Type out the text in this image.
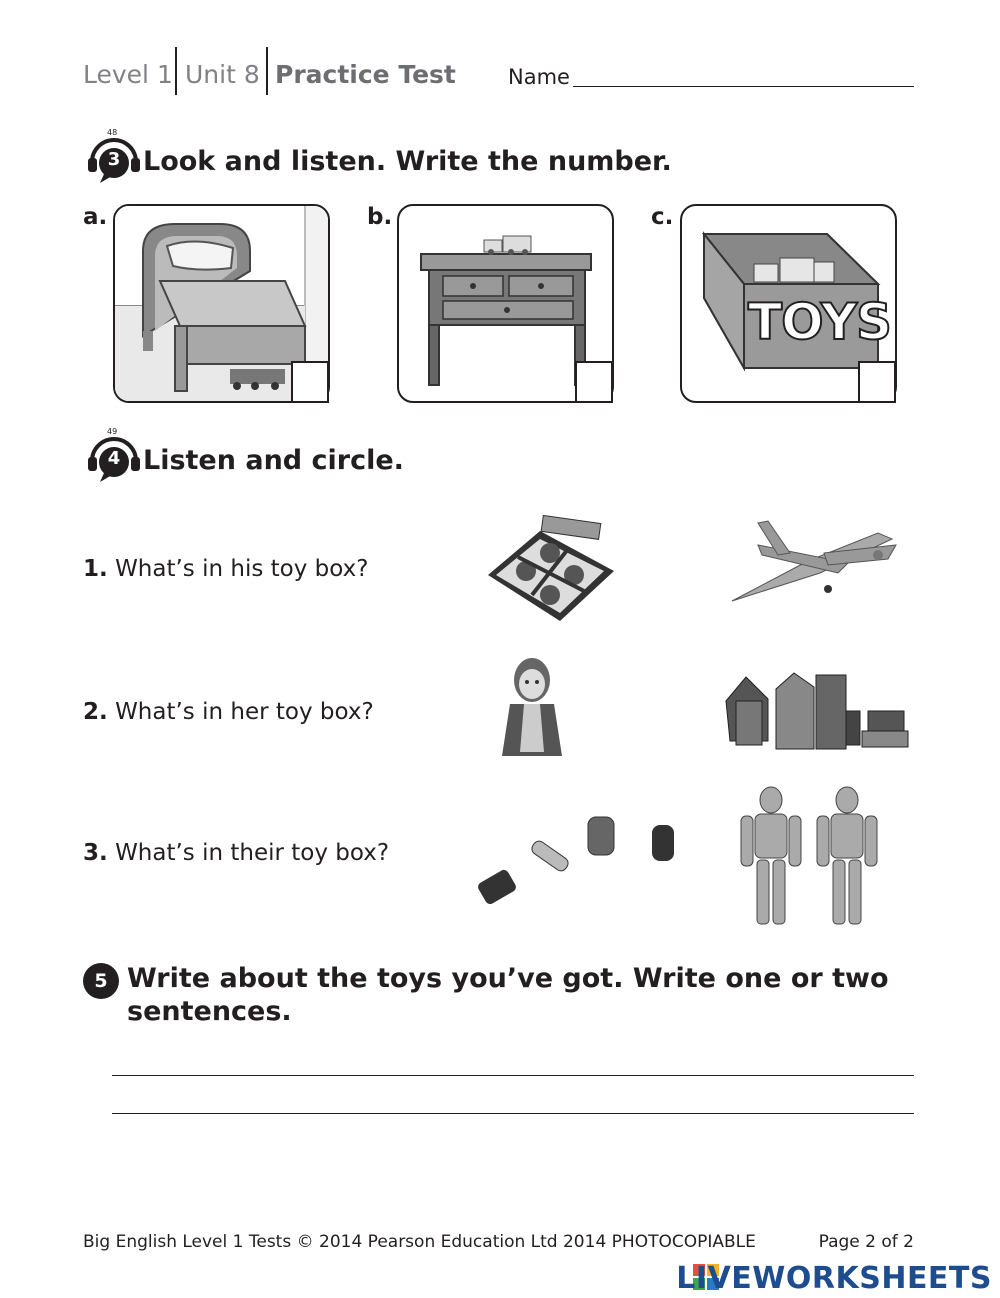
Level 1 Unit 8 Practice Test Name
48
3 Look and listen. Write the number.
a.	b.	c.
TOYS
49
4 Listen and circle.
1. What’s in his toy box?
2. What’s in her toy box?
3. What’s in their toy box?
5 Write about the toys you’ve got. Write one or two
sentences.
Big English Level 1 Tests © 2014 Pearson Education Ltd 2014 PHOTOCOPIABLE	Page 2 of 2
LIVEWORKSHEETS
